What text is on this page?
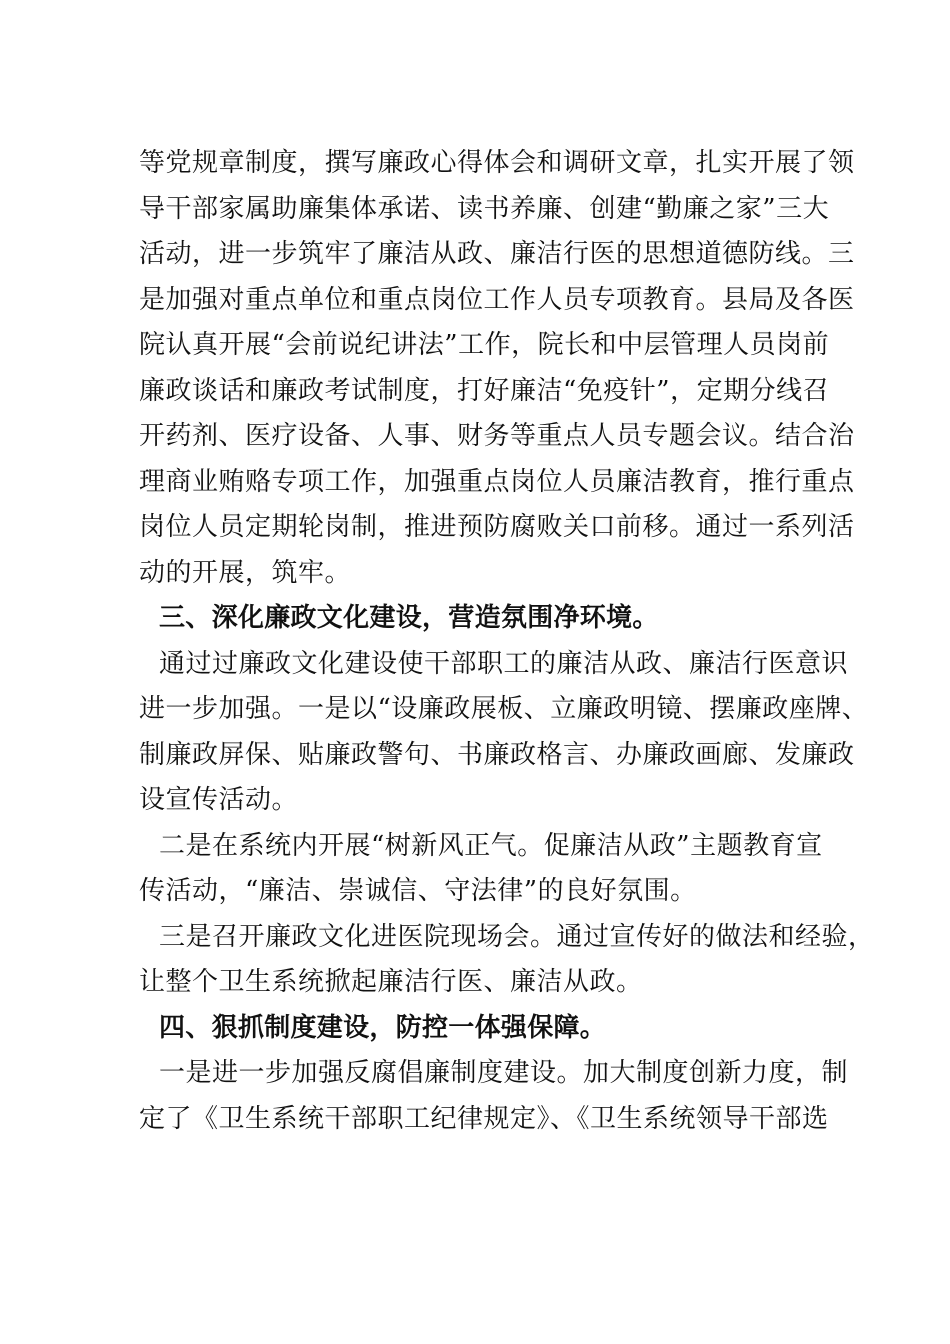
等党规章制度，撰写廉政心得体会和调研文章，扎实开展了领
导干部家属助廉集体承诺、读书养廉、创建“勤廉之家”三大
活动，进一步筑牢了廉洁从政、廉洁行医的思想道德防线。三
是加强对重点单位和重点岗位工作人员专项教育。县局及各医
院认真开展“会前说纪讲法”工作，院长和中层管理人员岗前
廉政谈话和廉政考试制度，打好廉洁“免疫针”，定期分线召
开药剂、医疗设备、人事、财务等重点人员专题会议。结合治
理商业贿赂专项工作，加强重点岗位人员廉洁教育，推行重点
岗位人员定期轮岗制，推进预防腐败关口前移。通过一系列活
动的开展，筑牢。
三、深化廉政文化建设，营造氛围净环境。
通过过廉政文化建设使干部职工的廉洁从政、廉洁行医意识
进一步加强。一是以“设廉政展板、立廉政明镜、摆廉政座牌、
制廉政屏保、贴廉政警句、书廉政格言、办廉政画廊、发廉政
设宣传活动。
二是在系统内开展“树新风正气。促廉洁从政”主题教育宣
传活动，“廉洁、崇诚信、守法律”的良好氛围。
三是召开廉政文化进医院现场会。通过宣传好的做法和经验，
让整个卫生系统掀起廉洁行医、廉洁从政。
四、狠抓制度建设，防控一体强保障。
一是进一步加强反腐倡廉制度建设。加大制度创新力度，制
定了《卫生系统干部职工纪律规定》、《卫生系统领导干部选
